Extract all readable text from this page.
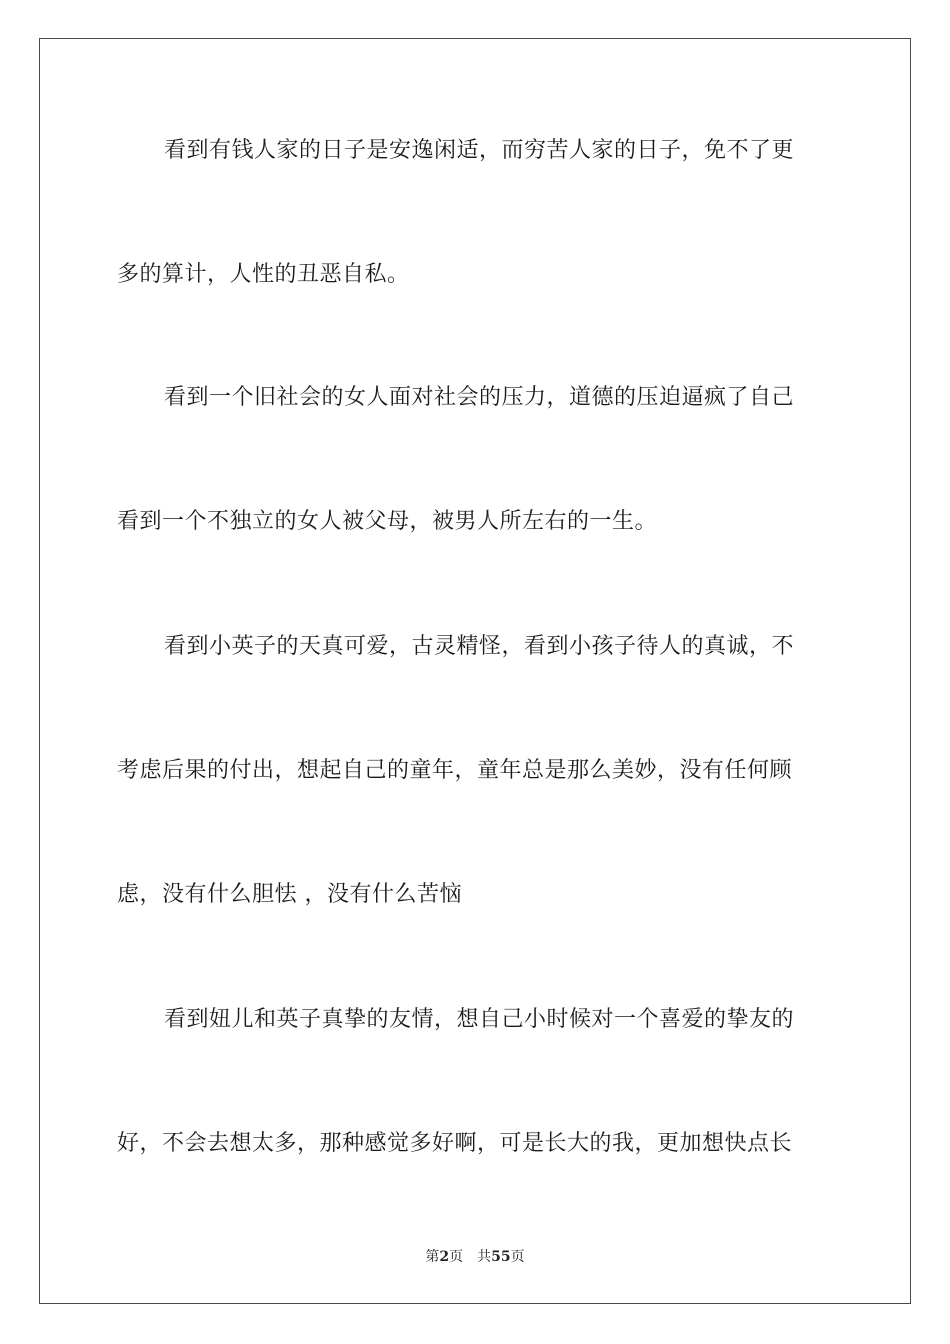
看到有钱人家的日子是安逸闲适，而穷苦人家的日子，免不了更
多的算计，人性的丑恶自私。
看到一个旧社会的女人面对社会的压力，道德的压迫逼疯了自己
看到一个不独立的女人被父母，被男人所左右的一生。
看到小英子的天真可爱，古灵精怪，看到小孩子待人的真诚，不
考虑后果的付出，想起自己的童年，童年总是那么美妙，没有任何顾
虑，没有什么胆怯 ，没有什么苦恼
看到妞儿和英子真挚的友情，想自己小时候对一个喜爱的挚友的
好，不会去想太多，那种感觉多好啊，可是长大的我，更加想快点长
第2页 共55页
